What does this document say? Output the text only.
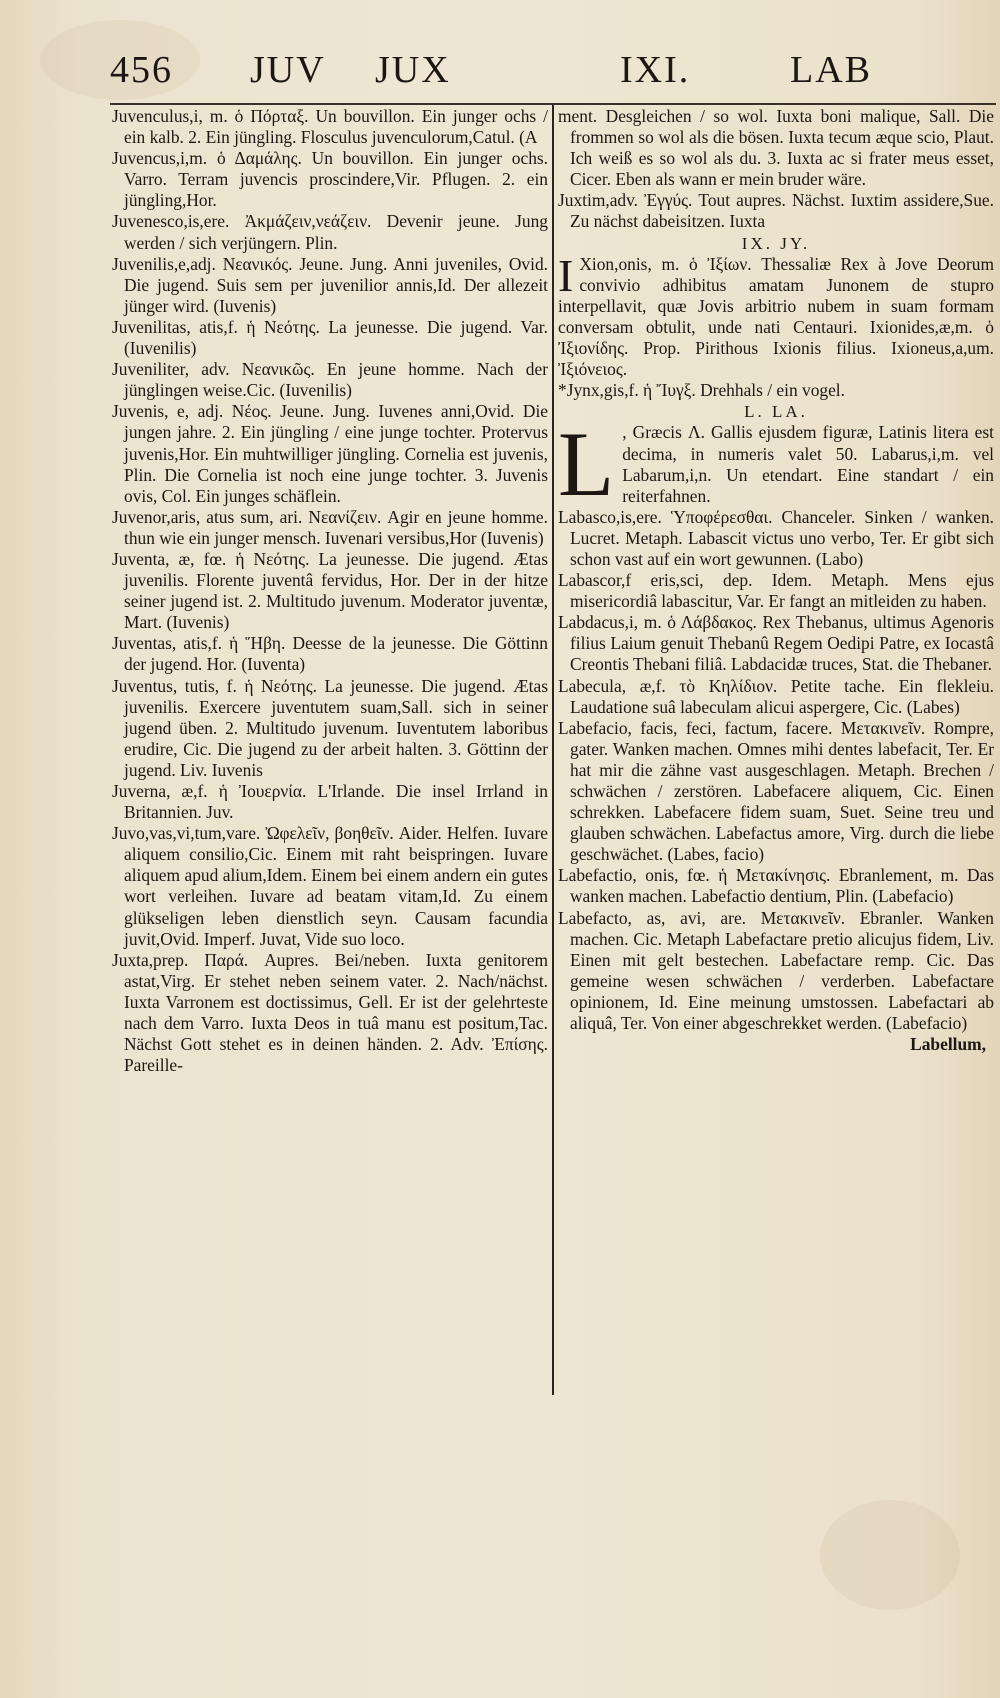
456 JUV JUX	IXI.	LAB

Juvenculus,i, m. ὁ Πόρταξ. Un bouvillon. Ein junger ochs / ein kalb. 2. Ein jüngling. Flosculus juvenculorum,Catul. (A

Juvencus,i,m. ὁ Δαμάλης. Un bouvillon. Ein junger ochs. Varro. Terram juvencis proscindere,Vir. Pflugen. 2. ein jüngling,Hor.

Juvenesco,is,ere. Ἀκμάζειν,νεάζειν. Devenir jeune. Jung werden / sich verjüngern. Plin.

Juvenilis,e,adj. Νεανικός. Jeune. Jung. Anni juveniles, Ovid. Die jugend. Suis sem per juvenilior annis,Id. Der allezeit jünger wird. (Iuvenis)

Juvenilitas, atis,f. ἡ Νεότης. La jeunesse. Die jugend. Var. (Iuvenilis)

Juveniliter, adv. Νεανικῶς. En jeune homme. Nach der jünglingen weise.Cic. (Iuvenilis)

Juvenis, e, adj. Νέος. Jeune. Jung. Iuvenes anni,Ovid. Die jungen jahre. 2. Ein jüngling / eine junge tochter. Protervus juvenis,Hor. Ein muhtwilliger jüngling. Cornelia est juvenis, Plin. Die Cornelia ist noch eine junge tochter. 3. Juvenis ovis, Col. Ein junges schäflein.

Juvenor,aris, atus sum, ari. Νεανίζειν. Agir en jeune homme. thun wie ein junger mensch. Iuvenari versibus,Hor (Iuvenis)

Juventa, æ, fœ. ἡ Νεότης. La jeunesse. Die jugend. Ætas juvenilis. Florente juventâ fervidus, Hor. Der in der hitze seiner jugend ist. 2. Multitudo juvenum. Moderator juventæ, Mart. (Iuvenis)

Juventas, atis,f. ἡ Ἥβη. Deesse de la jeunesse. Die Göttinn der jugend. Hor. (Iuventa)

Juventus, tutis, f. ἡ Νεότης. La jeunesse. Die jugend. Ætas juvenilis. Exercere juventutem suam,Sall. sich in seiner jugend üben. 2. Multitudo juvenum. Iuventutem laboribus erudire, Cic. Die jugend zu der arbeit halten. 3. Göttinn der jugend. Liv. Iuvenis

Juverna, æ,f. ἡ Ἰουερνία. L'Irlande. Die insel Irrland in Britannien. Juv.

Juvo,vas,vi,tum,vare. Ὠφελεῖν, βοηθεῖν. Aider. Helfen. Iuvare aliquem consilio,Cic. Einem mit raht beispringen. Iuvare aliquem apud alium,Idem. Einem bei einem andern ein gutes wort verleihen. Iuvare ad beatam vitam,Id. Zu einem glükseligen leben dienstlich seyn. Causam facundia juvit,Ovid. Imperf. Juvat, Vide suo loco.

Juxta,prep. Παρά. Aupres. Bei/neben. Iuxta genitorem astat,Virg. Er stehet neben seinem vater. 2. Nach/nächst. Iuxta Varronem est doctissimus, Gell. Er ist der gelehrteste nach dem Varro. Iuxta Deos in tuâ manu est positum,Tac. Nächst Gott stehet es in deinen händen. 2. Adv. Ἐπίσης. Pareille-

ment. Desgleichen / so wol. Iuxta boni malique, Sall. Die frommen so wol als die bösen. Iuxta tecum æque scio, Plaut. Ich weiß es so wol als du. 3. Iuxta ac si frater meus esset, Cicer. Eben als wann er mein bruder wäre.

Juxtim,adv. Ἐγγύς. Tout aupres. Nächst. Iuxtim assidere,Sue. Zu nächst dabeisitzen. Iuxta

IX. JY.

I Xion,onis, m. ὁ Ἰξίων. Thessaliæ Rex à Jove Deorum convivio adhibitus amatam Junonem de stupro interpellavit, quæ Jovis arbitrio nubem in suam formam conversam obtulit, unde nati Centauri. Ixionides,æ,m. ὁ Ἰξιονίδης. Prop. Pirithous Ixionis filius. Ixioneus,a,um. Ἰξιόνειος.

*Jynx,gis,f. ἡ Ἴυγξ. Drehhals / ein vogel.

L. LA.

L , Græcis Λ. Gallis ejusdem figuræ, Latinis litera est decima, in numeris valet 50. Labarus,i,m. vel Labarum,i,n. Un etendart. Eine standart / ein reiterfahnen.

Labasco,is,ere. Ὑποφέρεσθαι. Chanceler. Sinken / wanken. Lucret. Metaph. Labascit victus uno verbo, Ter. Er gibt sich schon vast auf ein wort gewunnen. (Labo)

Labascor,f eris,sci, dep. Idem. Metaph. Mens ejus misericordiâ labascitur, Var. Er fangt an mitleiden zu haben.

Labdacus,i, m. ὁ Λάβδακος. Rex Thebanus, ultimus Agenoris filius Laium genuit Thebanû Regem Oedipi Patre, ex Iocastâ Creontis Thebani filiâ. Labdacidæ truces, Stat. die Thebaner.

Labecula, æ,f. τὸ Κηλίδιον. Petite tache. Ein flekleiu. Laudatione suâ labeculam alicui aspergere, Cic. (Labes)

Labefacio, facis, feci, factum, facere. Μετακινεῖν. Rompre, gater. Wanken machen. Omnes mihi dentes labefacit, Ter. Er hat mir die zähne vast ausgeschlagen. Metaph. Brechen / schwächen / zerstören. Labefacere aliquem, Cic. Einen schrekken. Labefacere fidem suam, Suet. Seine treu und glauben schwächen. Labefactus amore, Virg. durch die liebe geschwächet. (Labes, facio)

Labefactio, onis, fœ. ἡ Μετακίνησις. Ebranlement, m. Das wanken machen. Labefactio dentium, Plin. (Labefacio)

Labefacto, as, avi, are. Μετακινεῖν. Ebranler. Wanken machen. Cic. Metaph Labefactare pretio alicujus fidem, Liv. Einen mit gelt bestechen. Labefactare remp. Cic. Das gemeine wesen schwächen / verderben. Labefactare opinionem, Id. Eine meinung umstossen. Labefactari ab aliquâ, Ter. Von einer abgeschrekket werden. (Labefacio)

Labellum,
